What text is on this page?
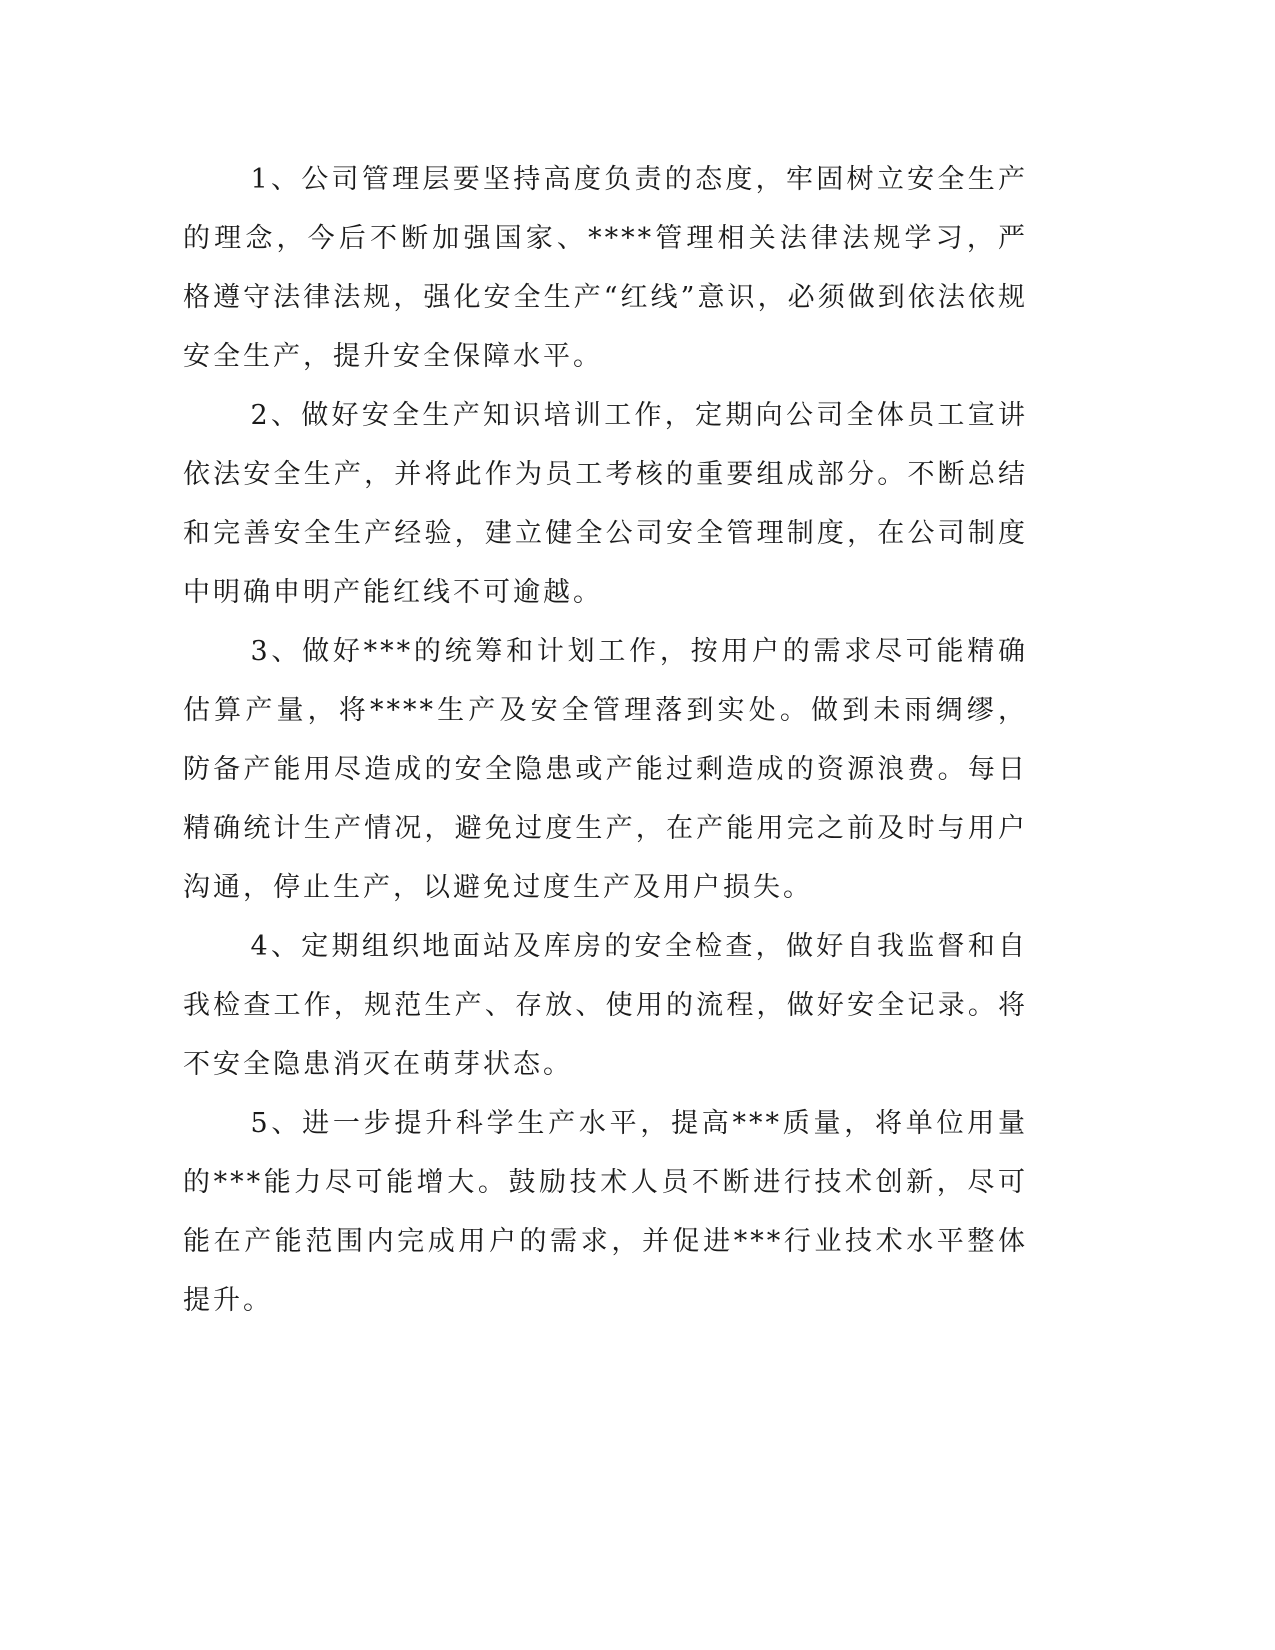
1、公司管理层要坚持高度负责的态度，牢固树立安全生产的理念，今后不断加强国家、****管理相关法律法规学习，严格遵守法律法规，强化安全生产“红线”意识，必须做到依法依规安全生产，提升安全保障水平。

2、做好安全生产知识培训工作，定期向公司全体员工宣讲依法安全生产，并将此作为员工考核的重要组成部分。不断总结和完善安全生产经验，建立健全公司安全管理制度，在公司制度中明确申明产能红线不可逾越。

3、做好***的统筹和计划工作，按用户的需求尽可能精确估算产量，将****生产及安全管理落到实处。做到未雨绸缪，防备产能用尽造成的安全隐患或产能过剩造成的资源浪费。每日精确统计生产情况，避免过度生产，在产能用完之前及时与用户沟通，停止生产，以避免过度生产及用户损失。

4、定期组织地面站及库房的安全检查，做好自我监督和自我检查工作，规范生产、存放、使用的流程，做好安全记录。将不安全隐患消灭在萌芽状态。

5、进一步提升科学生产水平，提高***质量，将单位用量的***能力尽可能增大。鼓励技术人员不断进行技术创新，尽可能在产能范围内完成用户的需求，并促进***行业技术水平整体提升。
